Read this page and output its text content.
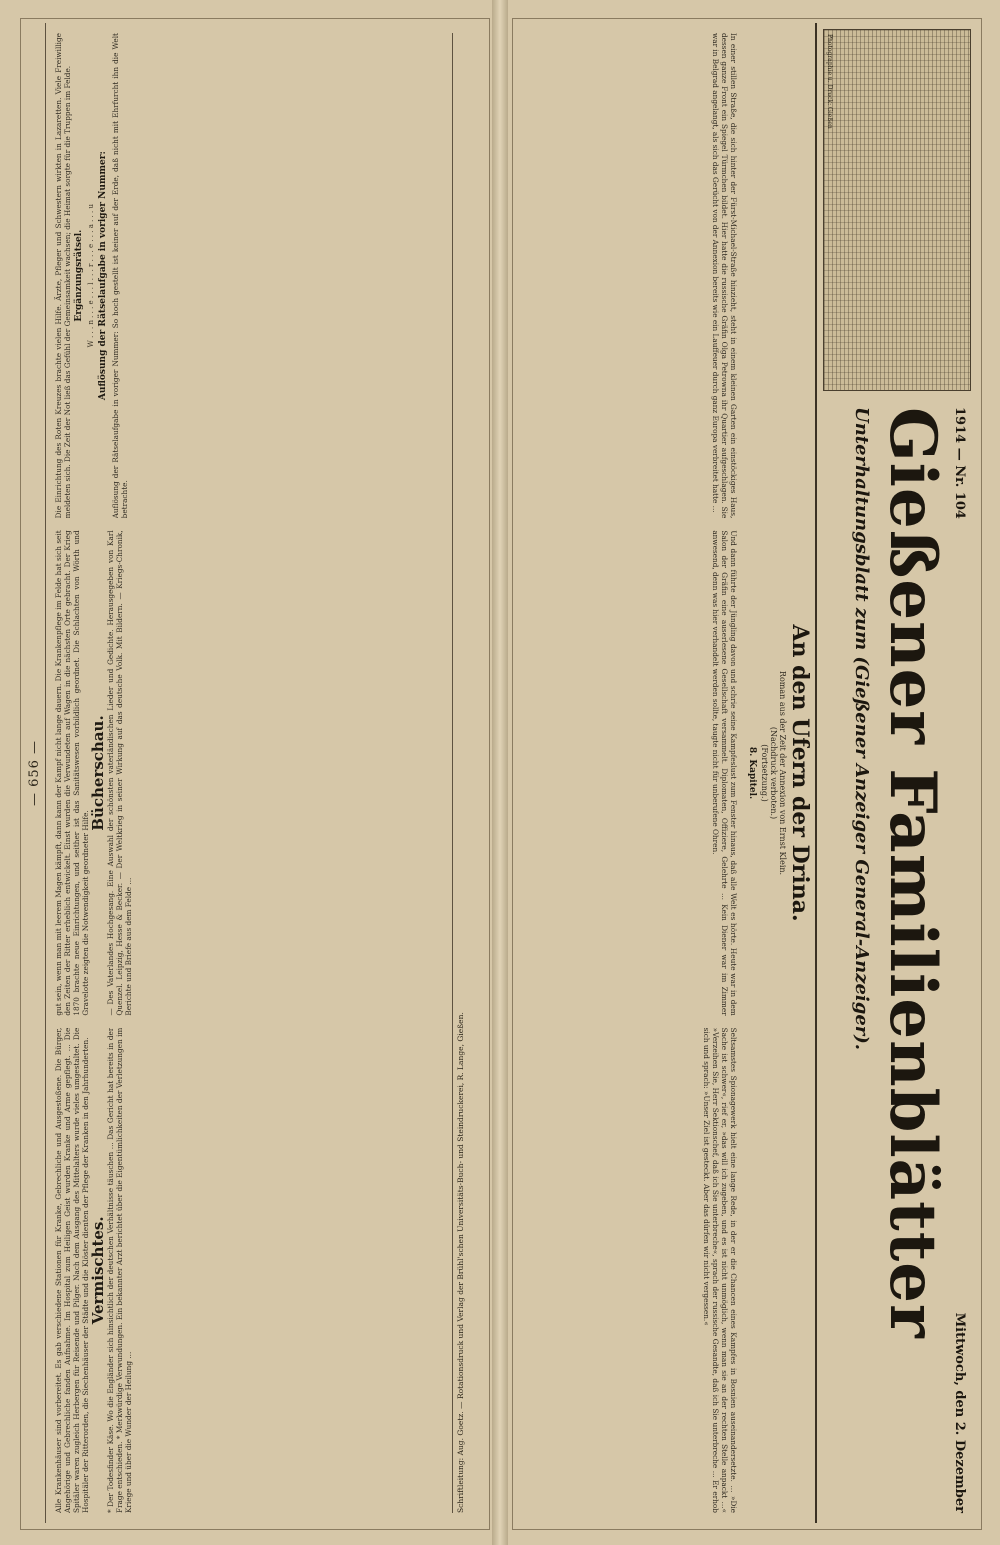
— 656 —
Alle Krankenhäuser sind vorbereitet. Es gab verschiedene Stationen für Kranke, Gebrechliche und Ausgestoßene. Die Bürger, Angehörige und Gebrechliche fanden Aufnahme. Im Hospital zum Heiligen Geist wurden Kranke und Arme gepflegt. ... Die Spitäler waren zugleich Herbergen für Reisende und Pilger. Nach dem Ausgang des Mittelalters wurde vieles umgestaltet. Die Hospitäler der Ritterorden, die Siechenhäuser der Städte und die Klöster dienten der Pflege der Kranken in den Jahrhunderten. Vermischtes. * Der Todesfinder Käse. Wo die Engländer sich hinsichtlich der deutschen Verhältnisse täuschen ... Das Gericht hat bereits in der Frage entschieden. * Merkwürdige Verwundungen. Ein bekannter Arzt berichtet über die Eigentümlichkeiten der Verletzungen im Kriege und über die Wunder der Heilung ...
gut sein, wenn man mit leerem Magen kämpft, dann kann der Kampf nicht lange dauern. Die Krankenpflege im Felde hat sich seit den Zeiten der Ritter erheblich entwickelt. Einst wurden die Verwundeten auf Wagen in die nächsten Orte gebracht. Der Krieg 1870 brachte neue Einrichtungen, und seither ist das Sanitätswesen vorbildlich geordnet. Die Schlachten von Wörth und Gravelotte zeigten die Notwendigkeit geordneter Hilfe.
Bücherschau. — Des Vaterlandes Hochgesang. Eine Auswahl der schönsten vaterländischen Lieder und Gedichte. Herausgegeben von Karl Quenzel. Leipzig, Hesse & Becker. — Der Weltkrieg in seiner Wirkung auf das deutsche Volk. Mit Bildern. — Kriegs-Chronik, Berichte und Briefe aus dem Felde ...
Die Einrichtung des Roten Kreuzes brachte vielen Hilfe. Ärzte, Pfleger und Schwestern wirkten in Lazaretten. Viele Freiwillige meldeten sich. Die Zeit der Not ließ das Gefühl der Gemeinsamkeit wachsen; die Heimat sorgte für die Truppen im Felde. Ergänzungsrätsel. W . . . n . . . e . . . l . . . r . . . e . . . a . . . u Auflösung der Rätselaufgabe in voriger Nummer: Auflösung der Rätselaufgabe in voriger Nummer: So hoch gestellt ist keiner auf der Erde, daß nicht mit Ehrfurcht ihn die Welt betrachte.
Schriftleitung: Aug. Goetz. — Rotationsdruck und Verlag der Brühl'schen Universitäts-Buch- und Steindruckerei, R. Lange, Gießen.
Photographie u. Druck: Gießen
1914 — Nr. 104
Mittwoch, den 2. Dezember
Gießener Familienblätter
Unterhaltungsblatt zum (Gießener Anzeiger General-Anzeiger).
An den Ufern der Drina.
Roman aus der Zeit der Annexion von Ernst Klein.
(Nachdruck verboten.)
(Fortsetzung.)
8. Kapitel.
In einer stillen Straße, die sich hinter der Fürst-Michael-Straße hinzieht, steht in einem kleinen Garten ein einstöckiges Haus, dessen ganze Front ein Spiegel Türmchen bildet. Hier hatte die russische Gräfin Olga Petrowna ihr Quartier aufgeschlagen. Sie war in Belgrad angelangt, als sich das Gerücht von der Annexion bereits wie ein Lauffeuer durch ganz Europa verbreitet hatte ...
Und dann führte der Jüngling davon und schrie seine Kampfeslust zum Fenster hinaus, daß alle Welt es hörte. Heute war in dem Salon der Gräfin eine auserlesene Gesellschaft versammelt. Diplomaten, Offiziere, Gelehrte ... Kein Diener war im Zimmer anwesend, denn was hier verhandelt werden sollte, taugte nicht für unberufene Ohren.
Seltsamstes Spionagewerk hielt eine lange Rede, in der er die Chancen eines Kampfes in Bosnien auseinandersetzte. ... »Die Sache ist schwer«, rief er, »das will ich zugeben, und es ist nicht unmöglich, wenn man sie an der rechten Stelle anpackt ...« »Verzeihen Sie, Herr Sektionschef, daß ich Sie unterbreche«, sprach der russische Gesandte, daß ich Sie unterbreche ... Er erhob sich und sprach: »Unser Ziel ist gesteckt. Aber das dürfen wir nicht vergessen.«
